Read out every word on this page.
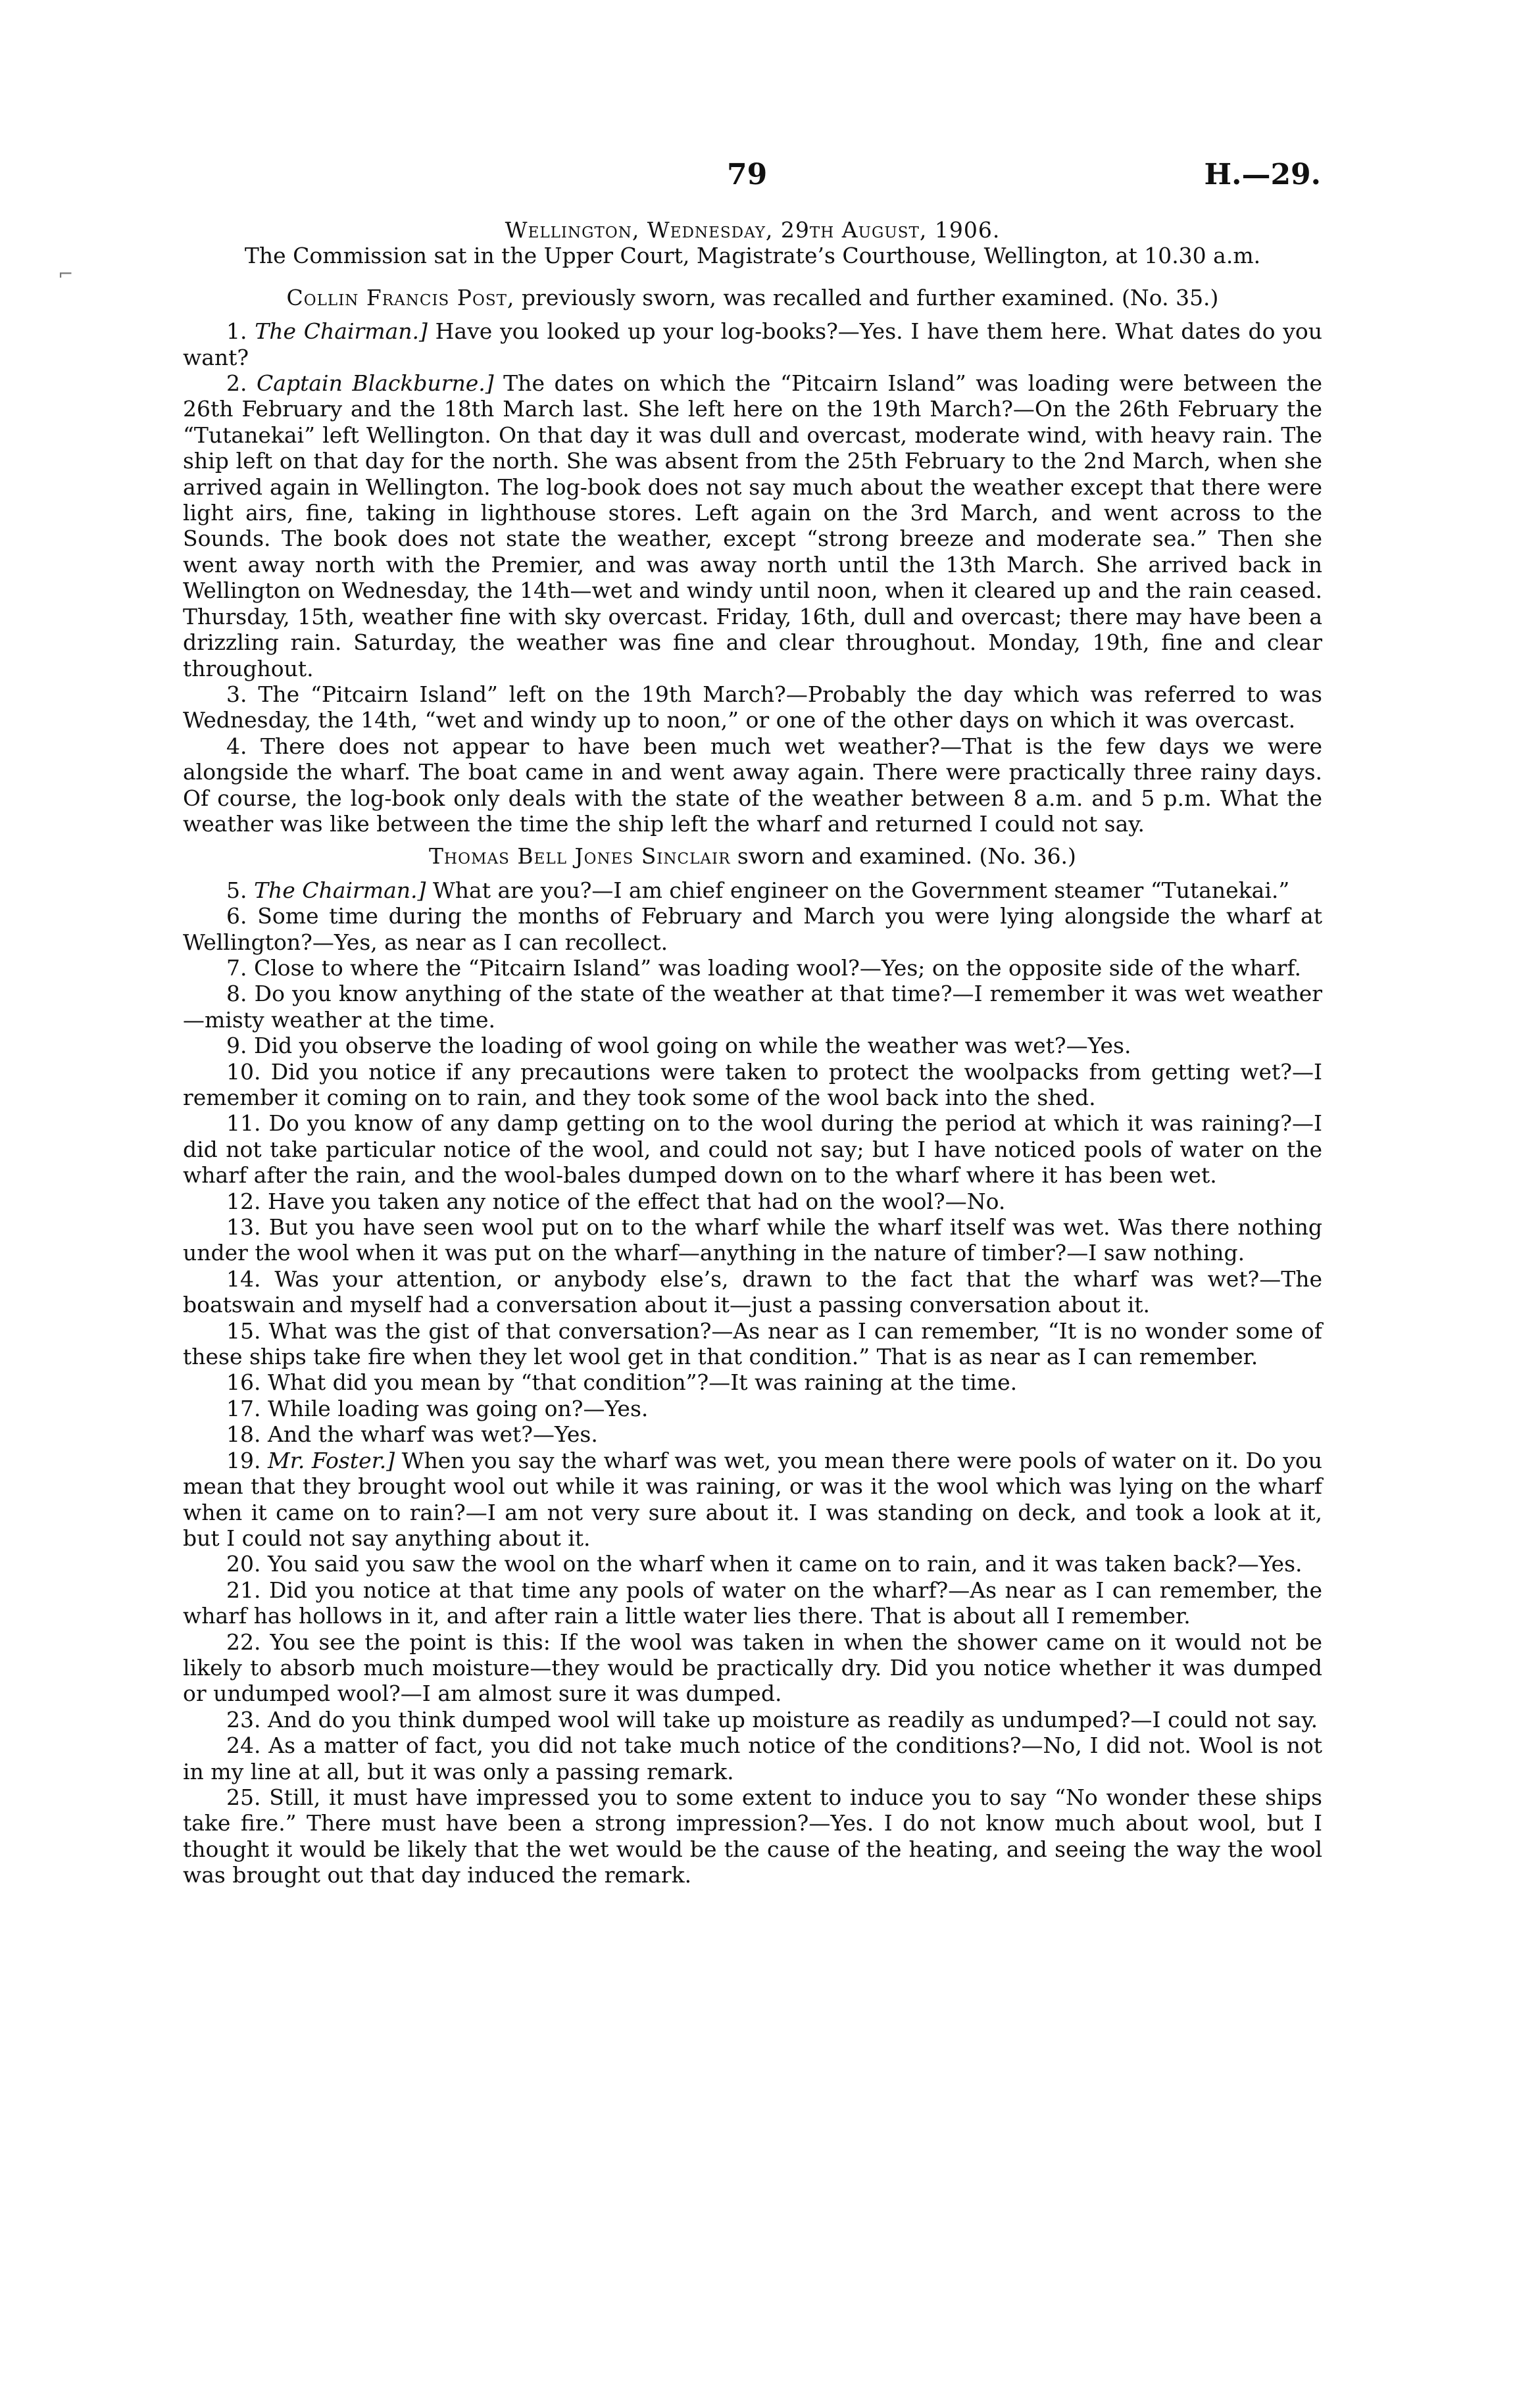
79	H.—29.
⌐
Wellington, Wednesday, 29th August, 1906.
The Commission sat in the Upper Court, Magistrate’s Courthouse, Wellington, at 10.30 a.m.
Collin Francis Post, previously sworn, was recalled and further examined. (No. 35.)

1. The Chairman.] Have you looked up your log-books?—Yes. I have them here. What dates do you want?

2. Captain Blackburne.] The dates on which the “Pitcairn Island” was loading were between the 26th February and the 18th March last. She left here on the 19th March?—On the 26th February the “Tutanekai” left Wellington. On that day it was dull and overcast, moderate wind, with heavy rain. The ship left on that day for the north. She was absent from the 25th February to the 2nd March, when she arrived again in Wellington. The log-book does not say much about the weather except that there were light airs, fine, taking in lighthouse stores. Left again on the 3rd March, and went across to the Sounds. The book does not state the weather, except “strong breeze and moderate sea.” Then she went away north with the Premier, and was away north until the 13th March. She arrived back in Wellington on Wednesday, the 14th—wet and windy until noon, when it cleared up and the rain ceased. Thursday, 15th, weather fine with sky overcast. Friday, 16th, dull and overcast; there may have been a drizzling rain. Saturday, the weather was fine and clear throughout. Monday, 19th, fine and clear throughout.

3. The “Pitcairn Island” left on the 19th March?—Probably the day which was referred to was Wednesday, the 14th, “wet and windy up to noon,” or one of the other days on which it was overcast.

4. There does not appear to have been much wet weather?—That is the few days we were alongside the wharf. The boat came in and went away again. There were practically three rainy days. Of course, the log-book only deals with the state of the weather between 8 a.m. and 5 p.m. What the weather was like between the time the ship left the wharf and returned I could not say.

Thomas Bell Jones Sinclair sworn and examined. (No. 36.)

5. The Chairman.] What are you?—I am chief engineer on the Government steamer “Tutanekai.”

6. Some time during the months of February and March you were lying alongside the wharf at Wellington?—Yes, as near as I can recollect.

7. Close to where the “Pitcairn Island” was loading wool?—Yes; on the opposite side of the wharf.

8. Do you know anything of the state of the weather at that time?—I remember it was wet weather—misty weather at the time.

9. Did you observe the loading of wool going on while the weather was wet?—Yes.

10. Did you notice if any precautions were taken to protect the woolpacks from getting wet?—I remember it coming on to rain, and they took some of the wool back into the shed.

11. Do you know of any damp getting on to the wool during the period at which it was raining?—I did not take particular notice of the wool, and could not say; but I have noticed pools of water on the wharf after the rain, and the wool-bales dumped down on to the wharf where it has been wet.

12. Have you taken any notice of the effect that had on the wool?—No.

13. But you have seen wool put on to the wharf while the wharf itself was wet. Was there nothing under the wool when it was put on the wharf—anything in the nature of timber?—I saw nothing.

14. Was your attention, or anybody else’s, drawn to the fact that the wharf was wet?—The boatswain and myself had a conversation about it—just a passing conversation about it.

15. What was the gist of that conversation?—As near as I can remember, “It is no wonder some of these ships take fire when they let wool get in that condition.” That is as near as I can remember.

16. What did you mean by “that condition”?—It was raining at the time.

17. While loading was going on?—Yes.

18. And the wharf was wet?—Yes.

19. Mr. Foster.] When you say the wharf was wet, you mean there were pools of water on it. Do you mean that they brought wool out while it was raining, or was it the wool which was lying on the wharf when it came on to rain?—I am not very sure about it. I was standing on deck, and took a look at it, but I could not say anything about it.

20. You said you saw the wool on the wharf when it came on to rain, and it was taken back?—Yes.

21. Did you notice at that time any pools of water on the wharf?—As near as I can remember, the wharf has hollows in it, and after rain a little water lies there. That is about all I remember.

22. You see the point is this: If the wool was taken in when the shower came on it would not be likely to absorb much moisture—they would be practically dry. Did you notice whether it was dumped or undumped wool?—I am almost sure it was dumped.

23. And do you think dumped wool will take up moisture as readily as undumped?—I could not say.

24. As a matter of fact, you did not take much notice of the conditions?—No, I did not. Wool is not in my line at all, but it was only a passing remark.

25. Still, it must have impressed you to some extent to induce you to say “No wonder these ships take fire.” There must have been a strong impression?—Yes. I do not know much about wool, but I thought it would be likely that the wet would be the cause of the heating, and seeing the way the wool was brought out that day induced the remark.
